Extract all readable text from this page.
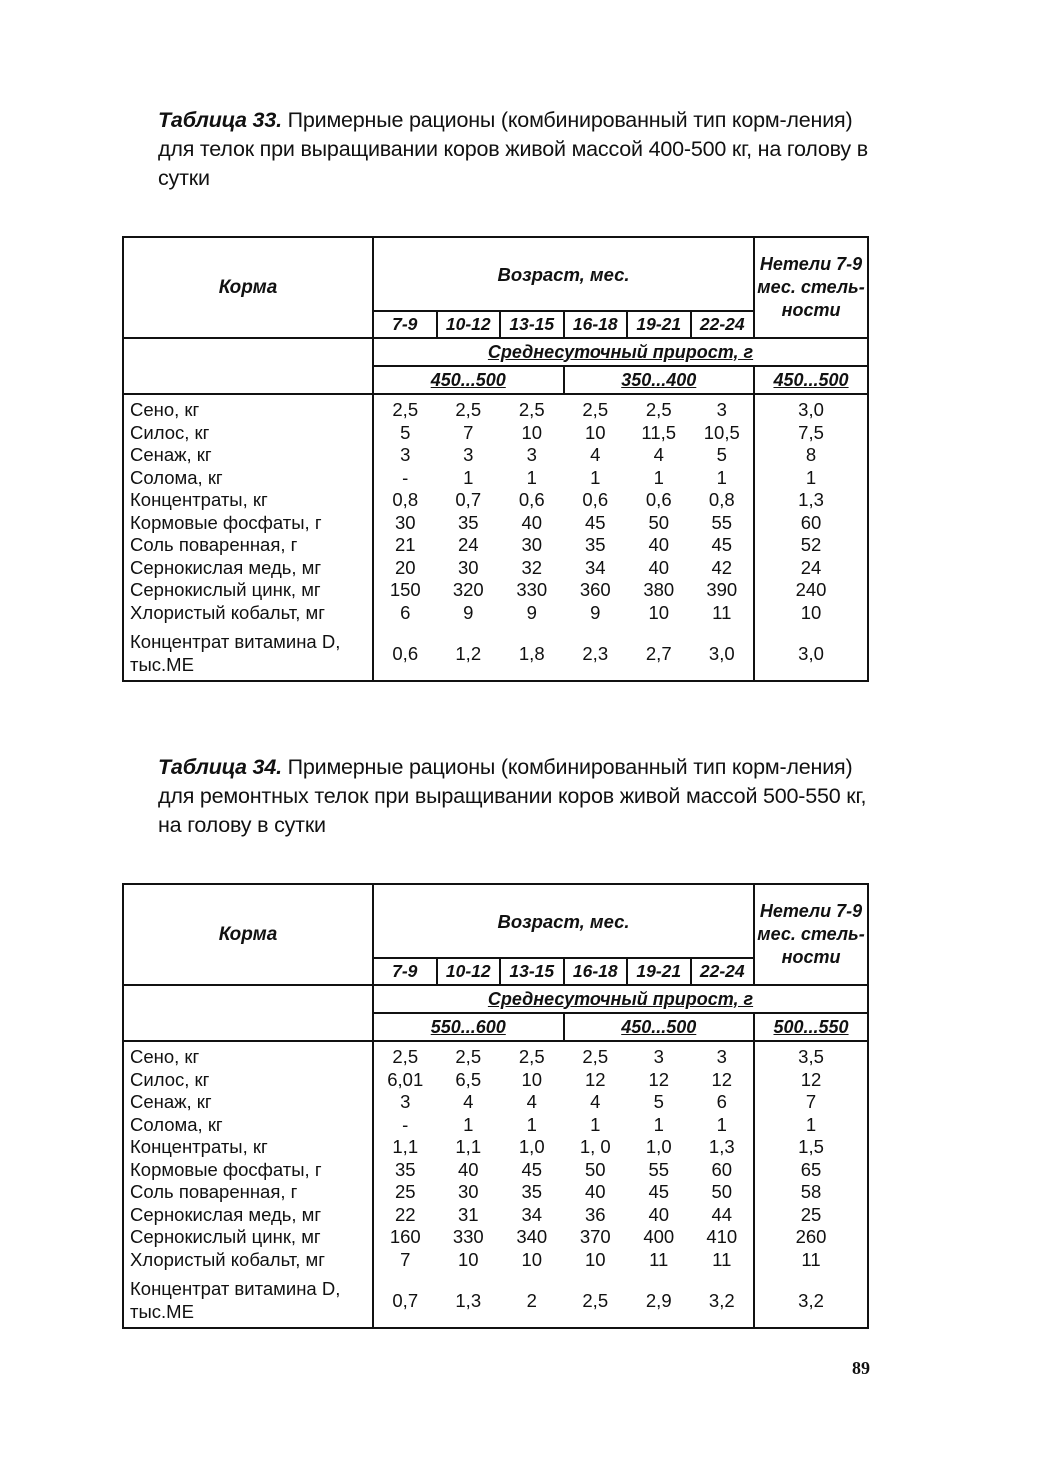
Таблица 33. Примерные рационы (комбинированный тип корм-ления) для телок при выращивании коров живой массой 400-500 кг, на голову в сутки
Корма	Возраст, мес.						Нетели 7-9 мес. стель-ности
	7-9	10-12	13-15	16-18	19-21	22-24	
	Среднесуточный прирост, г						
	450...500			350...400			450...500
Сено, кг	2,5	2,5	2,5	2,5	2,5	3	3,0
Силос, кг	5	7	10	10	11,5	10,5	7,5
Сенаж, кг	3	3	3	4	4	5	8
Солома, кг	-	1	1	1	1	1	1
Концентраты, кг	0,8	0,7	0,6	0,6	0,6	0,8	1,3
Кормовые фосфаты, г	30	35	40	45	50	55	60
Соль поваренная, г	21	24	30	35	40	45	52
Сернокислая медь, мг	20	30	32	34	40	42	24
Сернокислый цинк, мг	150	320	330	360	380	390	240
Хлористый кобальт, мг	6	9	9	9	10	11	10
Концентрат витамина D, тыс.МЕ	0,6	1,2	1,8	2,3	2,7	3,0	3,0
Таблица 34. Примерные рационы (комбинированный тип корм-ления) для ремонтных телок при выращивании коров живой массой 500-550 кг, на голову в сутки
Корма	Возраст, мес.						Нетели 7-9 мес. стель-ности
	7-9	10-12	13-15	16-18	19-21	22-24	
	Среднесуточный прирост, г						
	550...600			450...500			500...550
Сено, кг	2,5	2,5	2,5	2,5	3	3	3,5
Силос, кг	6,01	6,5	10	12	12	12	12
Сенаж, кг	3	4	4	4	5	6	7
Солома, кг	-	1	1	1	1	1	1
Концентраты, кг	1,1	1,1	1,0	1, 0	1,0	1,3	1,5
Кормовые фосфаты, г	35	40	45	50	55	60	65
Соль поваренная, г	25	30	35	40	45	50	58
Сернокислая медь, мг	22	31	34	36	40	44	25
Сернокислый цинк, мг	160	330	340	370	400	410	260
Хлористый кобальт, мг	7	10	10	10	11	11	11
Концентрат витамина D, тыс.МЕ	0,7	1,3	2	2,5	2,9	3,2	3,2
89
